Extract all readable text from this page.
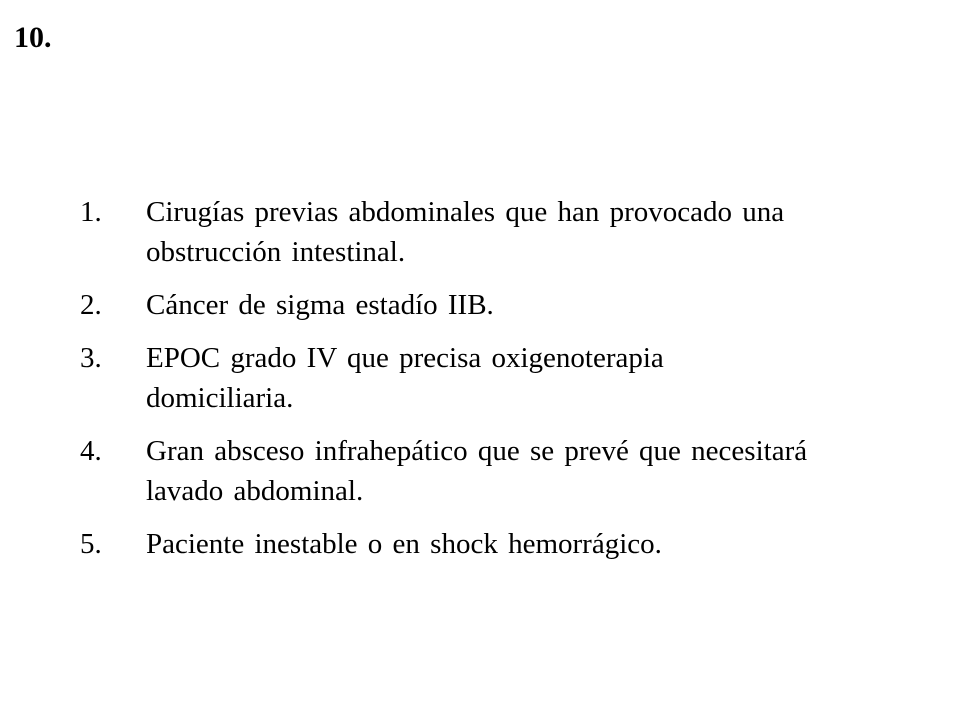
10.
1.	Cirugías previas abdominales que han provocado una obstrucción intestinal.
2.	Cáncer de sigma estadío IIB.
3.	EPOC grado IV que precisa oxigenoterapia domiciliaria.
4.	Gran absceso infrahepático que se prevé que necesitará lavado abdominal.
5.	Paciente inestable o en shock hemorrágico.
